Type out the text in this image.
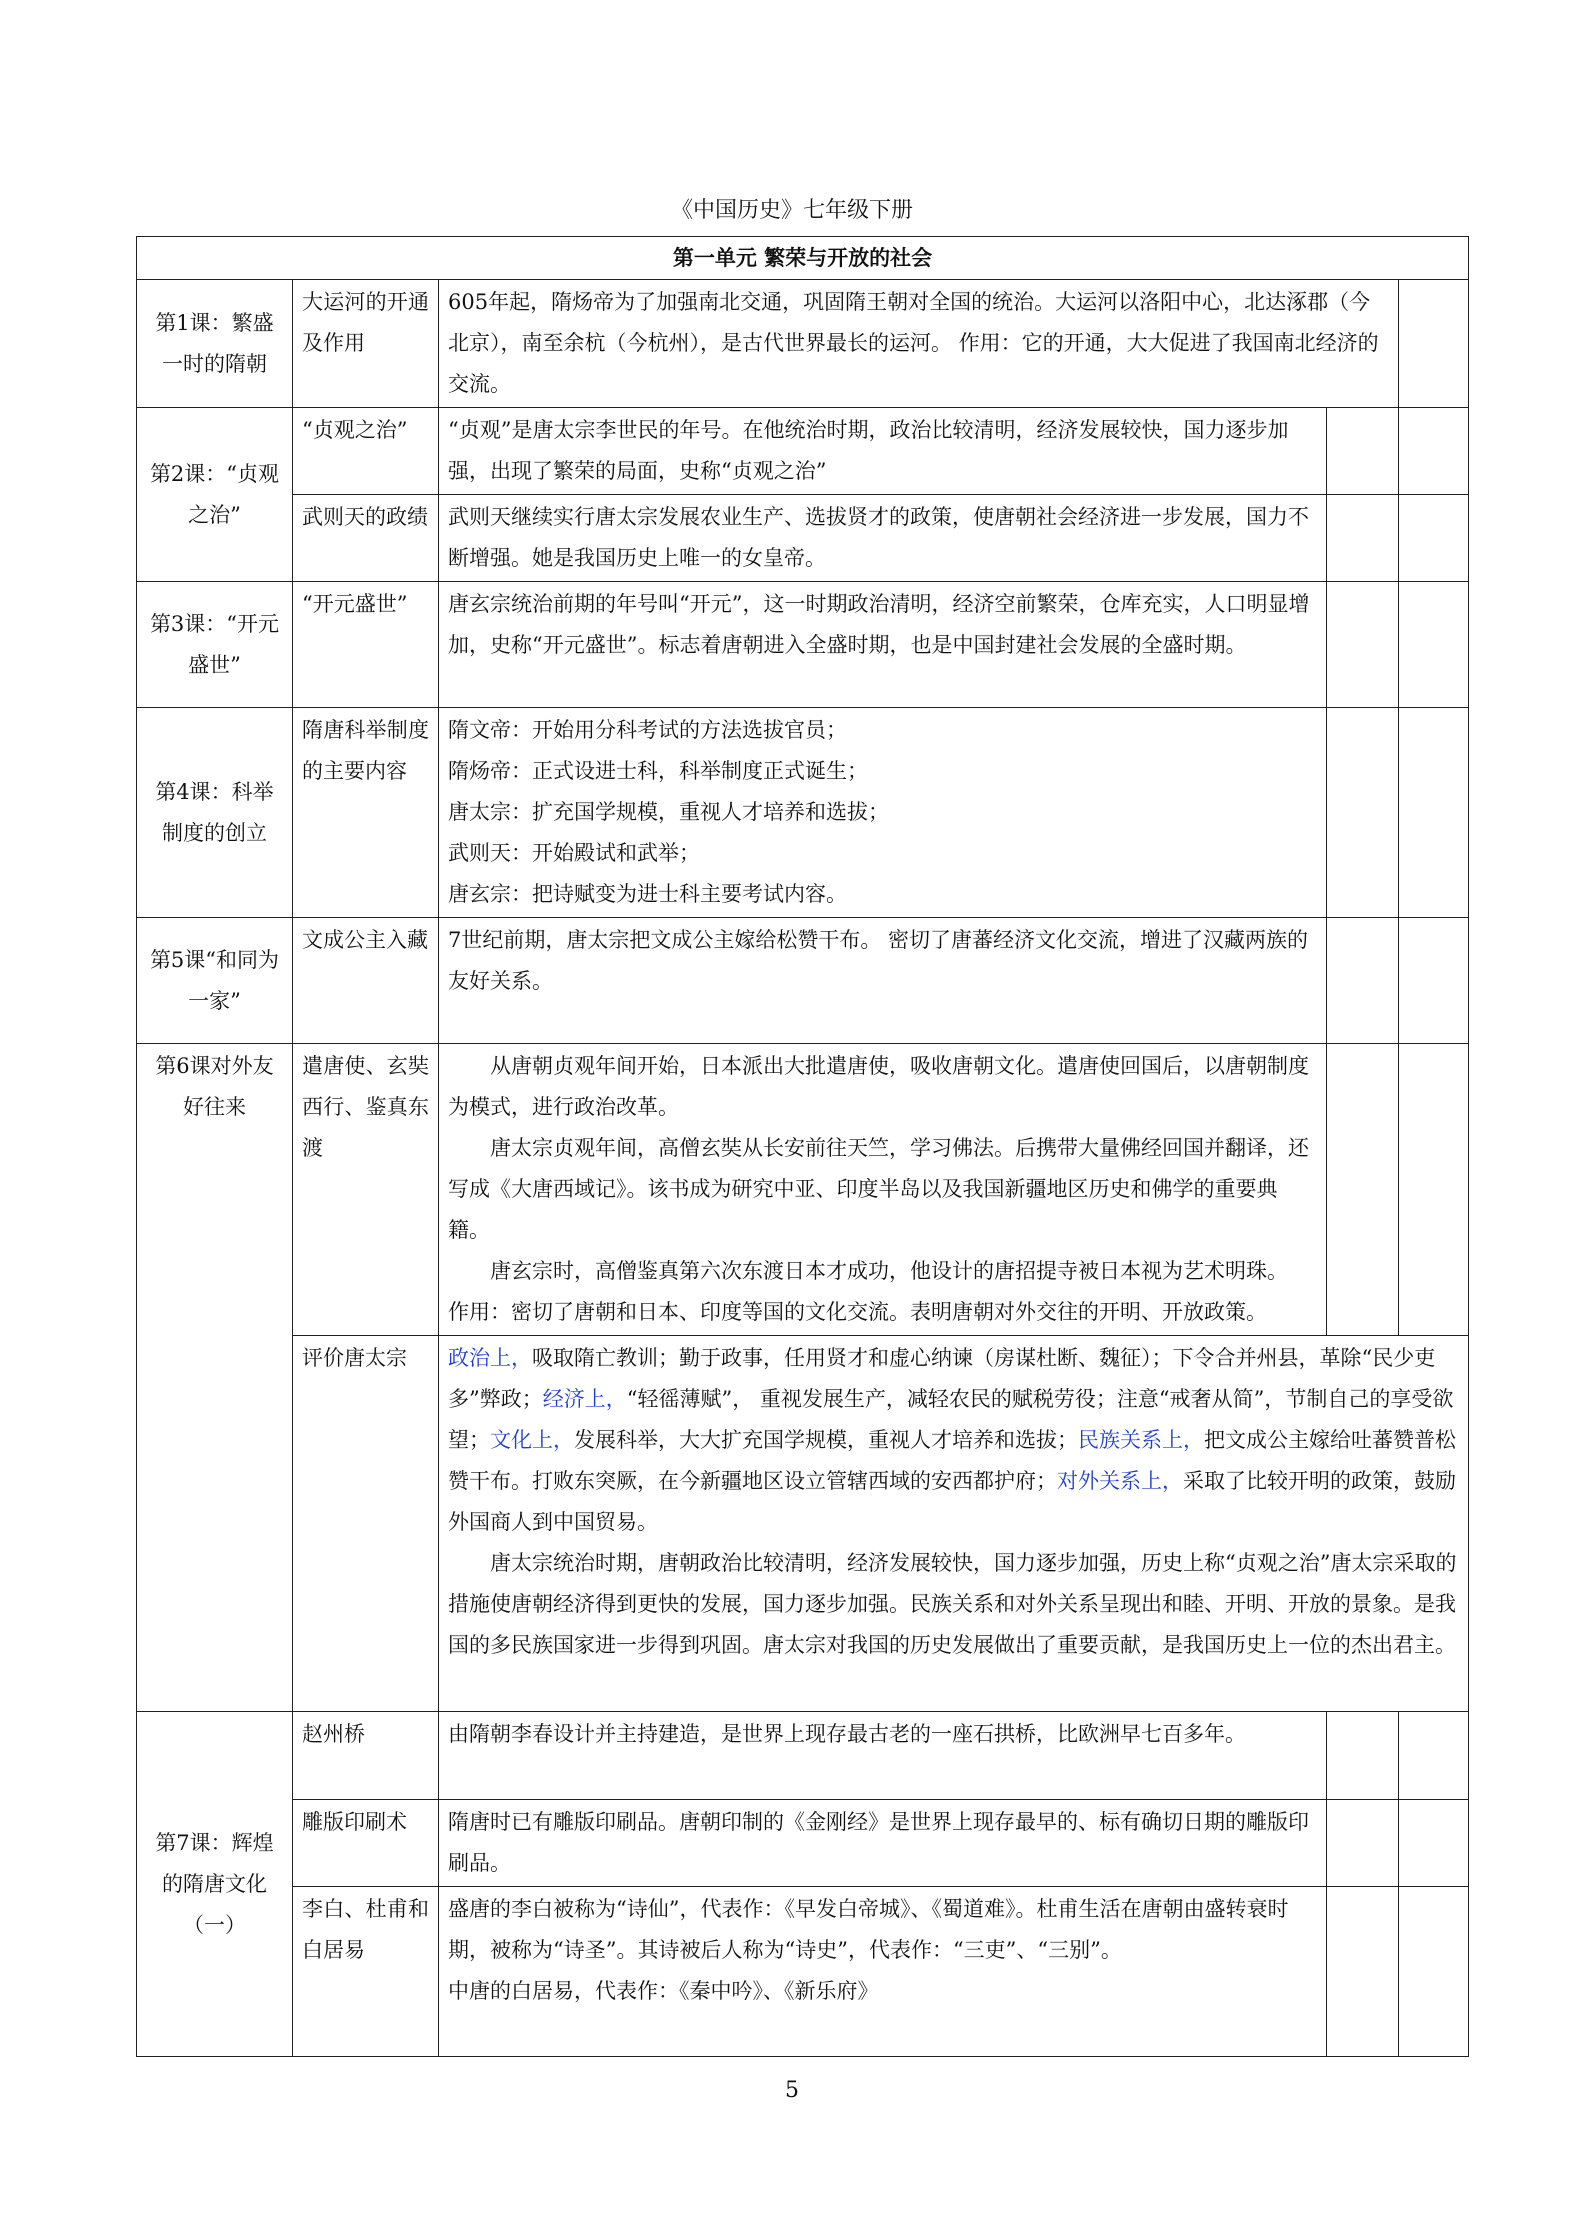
《中国历史》七年级下册
第一单元 繁荣与开放的社会				
第1课：繁盛一时的隋朝	大运河的开通及作用	605年起，隋炀帝为了加强南北交通，巩固隋王朝对全国的统治。大运河以洛阳中心，北达涿郡（今北京），南至余杭（今杭州），是古代世界最长的运河。 作用：它的开通，大大促进了我国南北经济的交流。		
第2课：“贞观之治”	“贞观之治”	“贞观”是唐太宗李世民的年号。在他统治时期，政治比较清明，经济发展较快，国力逐步加强，出现了繁荣的局面，史称“贞观之治”		
	武则天的政绩	武则天继续实行唐太宗发展农业生产、选拔贤才的政策，使唐朝社会经济进一步发展，国力不断增强。她是我国历史上唯一的女皇帝。		
第3课：“开元盛世”	“开元盛世”	唐玄宗统治前期的年号叫“开元”，这一时期政治清明，经济空前繁荣，仓库充实，人口明显增加，史称“开元盛世”。标志着唐朝进入全盛时期，也是中国封建社会发展的全盛时期。		
第4课：科举制度的创立	隋唐科举制度的主要内容	隋文帝：开始用分科考试的方法选拔官员；

隋炀帝：正式设进士科，科举制度正式诞生；

唐太宗：扩充国学规模，重视人才培养和选拔；

武则天：开始殿试和武举；

唐玄宗：把诗赋变为进士科主要考试内容。		

第5课“和同为一家”	文成公主入藏	7世纪前期，唐太宗把文成公主嫁给松赞干布。 密切了唐蕃经济文化交流，增进了汉藏两族的友好关系。		
第6课对外友好往来	遣唐使、玄奘西行、鉴真东渡	从唐朝贞观年间开始，日本派出大批遣唐使，吸收唐朝文化。遣唐使回国后，以唐朝制度为模式，进行政治改革。

唐太宗贞观年间，高僧玄奘从长安前往天竺，学习佛法。后携带大量佛经回国并翻译，还写成《大唐西域记》。该书成为研究中亚、印度半岛以及我国新疆地区历史和佛学的重要典籍。

唐玄宗时，高僧鉴真第六次东渡日本才成功，他设计的唐招提寺被日本视为艺术明珠。

作用：密切了唐朝和日本、印度等国的文化交流。表明唐朝对外交往的开明、开放政策。		

	评价唐太宗	政治上，吸取隋亡教训；勤于政事，任用贤才和虚心纳谏（房谋杜断、魏征）；下令合并州县，革除“民少吏多”弊政；经济上，“轻徭薄赋”， 重视发展生产，减轻农民的赋税劳役；注意“戒奢从简”，节制自己的享受欲望；文化上，发展科举，大大扩充国学规模，重视人才培养和选拔；民族关系上，把文成公主嫁给吐蕃赞普松赞干布。打败东突厥，在今新疆地区设立管辖西域的安西都护府；对外关系上，采取了比较开明的政策，鼓励外国商人到中国贸易。

唐太宗统治时期，唐朝政治比较清明，经济发展较快，国力逐步加强，历史上称“贞观之治”唐太宗采取的措施使唐朝经济得到更快的发展，国力逐步加强。民族关系和对外关系呈现出和睦、开明、开放的景象。是我国的多民族国家进一步得到巩固。唐太宗对我国的历史发展做出了重要贡献，是我国历史上一位的杰出君主。		

第7课：辉煌的隋唐文化（一）	赵州桥	由隋朝李春设计并主持建造，是世界上现存最古老的一座石拱桥，比欧洲早七百多年。		
	雕版印刷术	隋唐时已有雕版印刷品。唐朝印制的《金刚经》是世界上现存最早的、标有确切日期的雕版印刷品。		
	李白、杜甫和白居易	盛唐的李白被称为“诗仙”，代表作：《早发白帝城》、《蜀道难》。杜甫生活在唐朝由盛转衰时期，被称为“诗圣”。其诗被后人称为“诗史”，代表作：“三吏”、“三别”。

中唐的白居易，代表作：《秦中吟》、《新乐府》		

5
